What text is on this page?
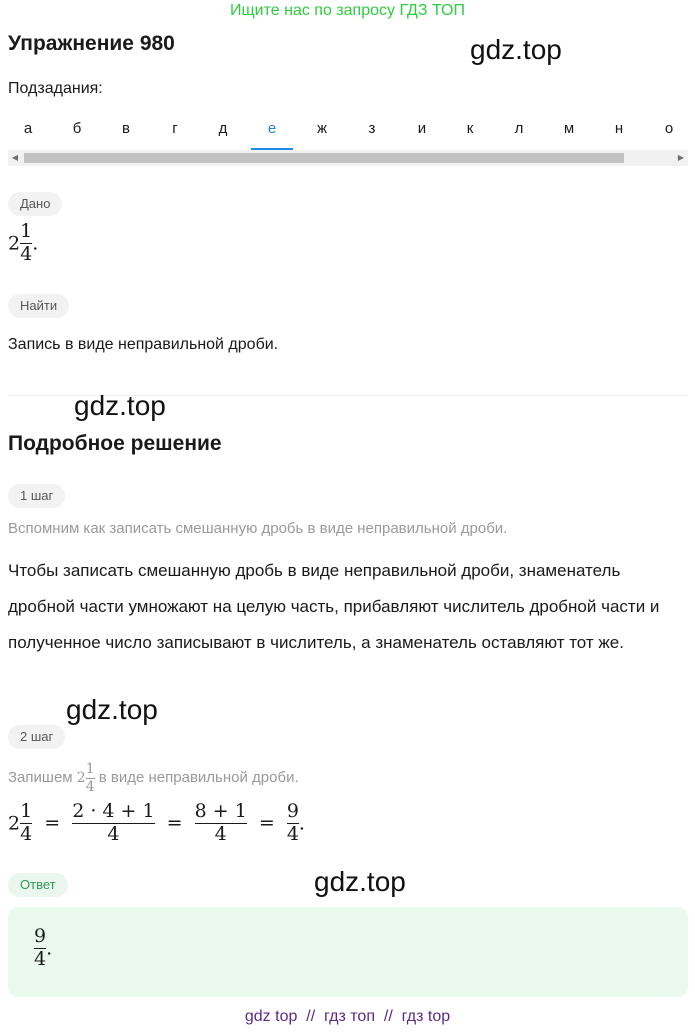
Ищите нас по запросу ГДЗ ТОП
Упражнение 980	gdz.top
Подзадания:
а	б	в	г	д	е	ж	з	и	к	л	м	н	о
◀	▶
Дано
$2 \frac{1}{4}$ .
Найти
Запись в виде неправильной дроби.
gdz.top
Подробное решение
1 шаг
Вспомним как записать смешанную дробь в виде неправильной дроби.
Чтобы записать смешанную дробь в виде неправильной дроби, знаменатель дробной части умножают на целую часть, прибавляют числитель дробной части и полученное число записывают в числитель, а знаменатель оставляют тот же.
gdz.top
2 шаг
Запишем $2 \frac{1}{4}$ в виде неправильной дроби.
$2 \frac{1}{4} = \frac{2 \cdot 4 + 1}{4} = \frac{8 + 1}{4} = \frac{9}{4}$ .
Ответ	gdz.top
$\frac{9}{4}$ .
gdz top  //  гдз топ  //  гдз top
